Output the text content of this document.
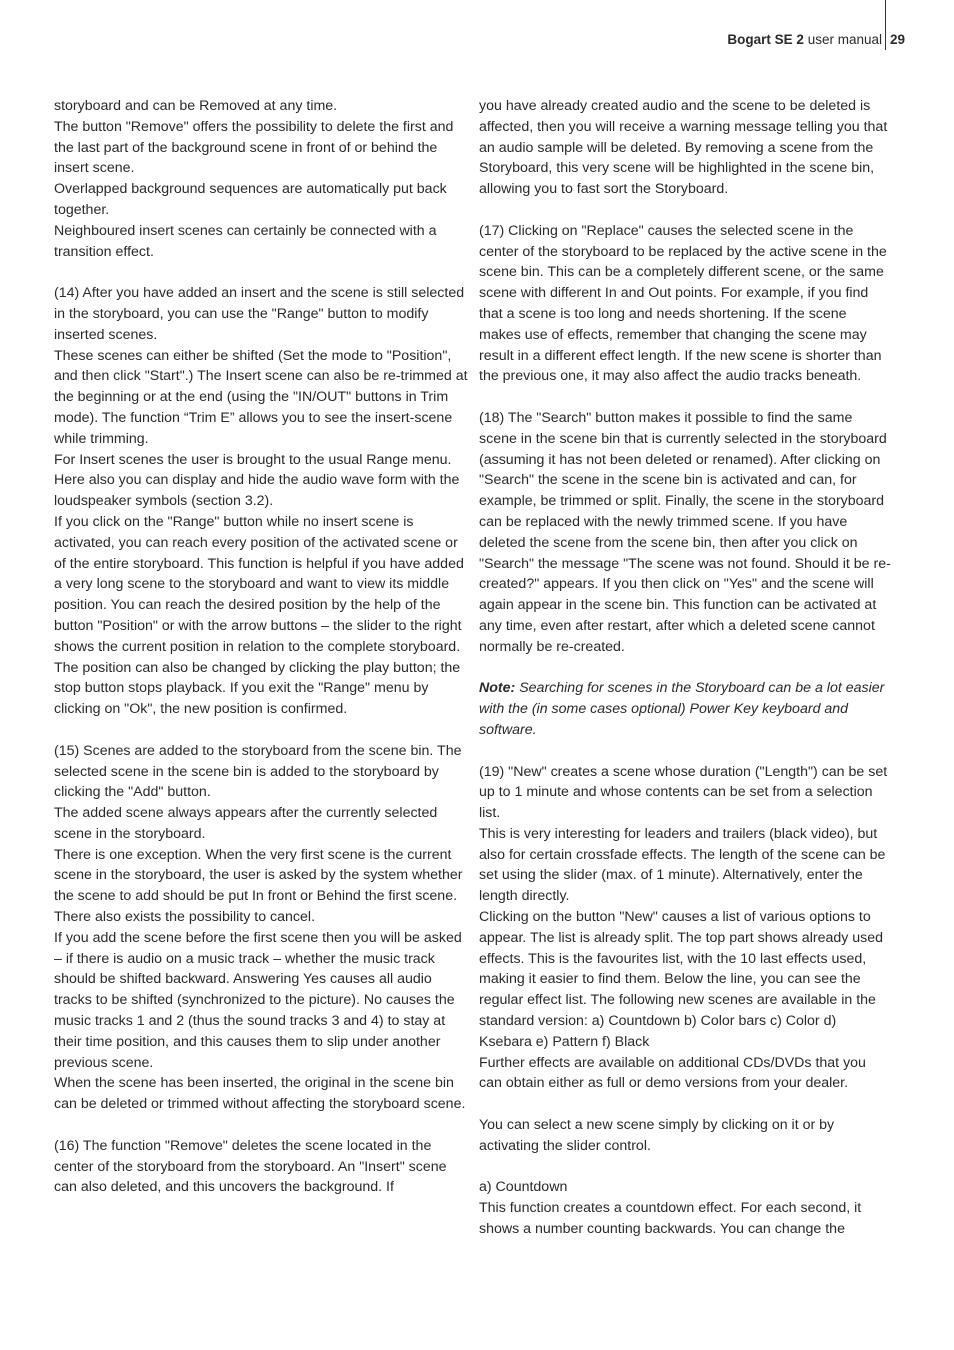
Bogart SE 2 user manual 29

storyboard and can be Removed at any time.

The button "Remove" offers the possibility to delete the first and the last part of the background scene in front of or behind the insert scene.

Overlapped background sequences are automatically put back together.

Neighboured insert scenes can certainly be connected with a transition effect.

(14) After you have added an insert and the scene is still selected in the storyboard, you can use the "Range" button to modify inserted scenes.

These scenes can either be shifted (Set the mode to "Position", and then click "Start".) The Insert scene can also be re-trimmed at the beginning or at the end (using the "IN/OUT" buttons in Trim mode). The function “Trim E” allows you to see the insert-scene while trimming.

For Insert scenes the user is brought to the usual Range menu. Here also you can display and hide the audio wave form with the loudspeaker symbols (section 3.2).

If you click on the "Range" button while no insert scene is activated, you can reach every position of the activated scene or of the entire storyboard. This function is helpful if you have added a very long scene to the storyboard and want to view its middle position. You can reach the desired position by the help of the button "Position" or with the arrow buttons – the slider to the right shows the current position in relation to the complete storyboard. The position can also be changed by clicking the play button; the stop button stops playback. If you exit the "Range" menu by clicking on "Ok", the new position is confirmed.

(15) Scenes are added to the storyboard from the scene bin. The selected scene in the scene bin is added to the storyboard by clicking the "Add" button.

The added scene always appears after the currently selected scene in the storyboard.

There is one exception. When the very first scene is the current scene in the storyboard, the user is asked by the system whether the scene to add should be put In front or Behind the first scene.

There also exists the possibility to cancel.

If you add the scene before the first scene then you will be asked – if there is audio on a music track – whether the music track should be shifted backward. Answering Yes causes all audio tracks to be shifted (synchronized to the picture). No causes the music tracks 1 and 2 (thus the sound tracks 3 and 4) to stay at their time position, and this causes them to slip under another previous scene.

When the scene has been inserted, the original in the scene bin can be deleted or trimmed without affecting the storyboard scene.

(16) The function "Remove" deletes the scene located in the center of the storyboard from the storyboard. An "Insert" scene can also deleted, and this uncovers the background. If

you have already created audio and the scene to be deleted is affected, then you will receive a warning message telling you that an audio sample will be deleted. By removing a scene from the Storyboard, this very scene will be highlighted in the scene bin, allowing you to fast sort the Storyboard.

(17) Clicking on "Replace" causes the selected scene in the center of the storyboard to be replaced by the active scene in the scene bin. This can be a completely different scene, or the same scene with different In and Out points. For example, if you find that a scene is too long and needs shortening. If the scene makes use of effects, remember that changing the scene may result in a different effect length. If the new scene is shorter than the previous one, it may also affect the audio tracks beneath.

(18) The "Search" button makes it possible to find the same scene in the scene bin that is currently selected in the storyboard (assuming it has not been deleted or renamed). After clicking on "Search" the scene in the scene bin is activated and can, for example, be trimmed or split. Finally, the scene in the storyboard can be replaced with the newly trimmed scene. If you have deleted the scene from the scene bin, then after you click on "Search" the message "The scene was not found. Should it be re-created?" appears. If you then click on "Yes" and the scene will again appear in the scene bin. This function can be activated at any time, even after restart, after which a deleted scene cannot normally be re-created.

Note: Searching for scenes in the Storyboard can be a lot easier with the (in some cases optional) Power Key keyboard and software.

(19) "New" creates a scene whose duration ("Length") can be set up to 1 minute and whose contents can be set from a selection list.

This is very interesting for leaders and trailers (black video), but also for certain crossfade effects. The length of the scene can be set using the slider (max. of 1 minute). Alternatively, enter the length directly.

Clicking on the button "New" causes a list of various options to appear. The list is already split. The top part shows already used effects. This is the favourites list, with the 10 last effects used, making it easier to find them. Below the line, you can see the regular effect list. The following new scenes are available in the standard version: a) Countdown b) Color bars c) Color d) Ksebara e) Pattern f) Black

Further effects are available on additional CDs/DVDs that you can obtain either as full or demo versions from your dealer.

You can select a new scene simply by clicking on it or by activating the slider control.

a) Countdown

This function creates a countdown effect. For each second, it shows a number counting backwards. You can change the
